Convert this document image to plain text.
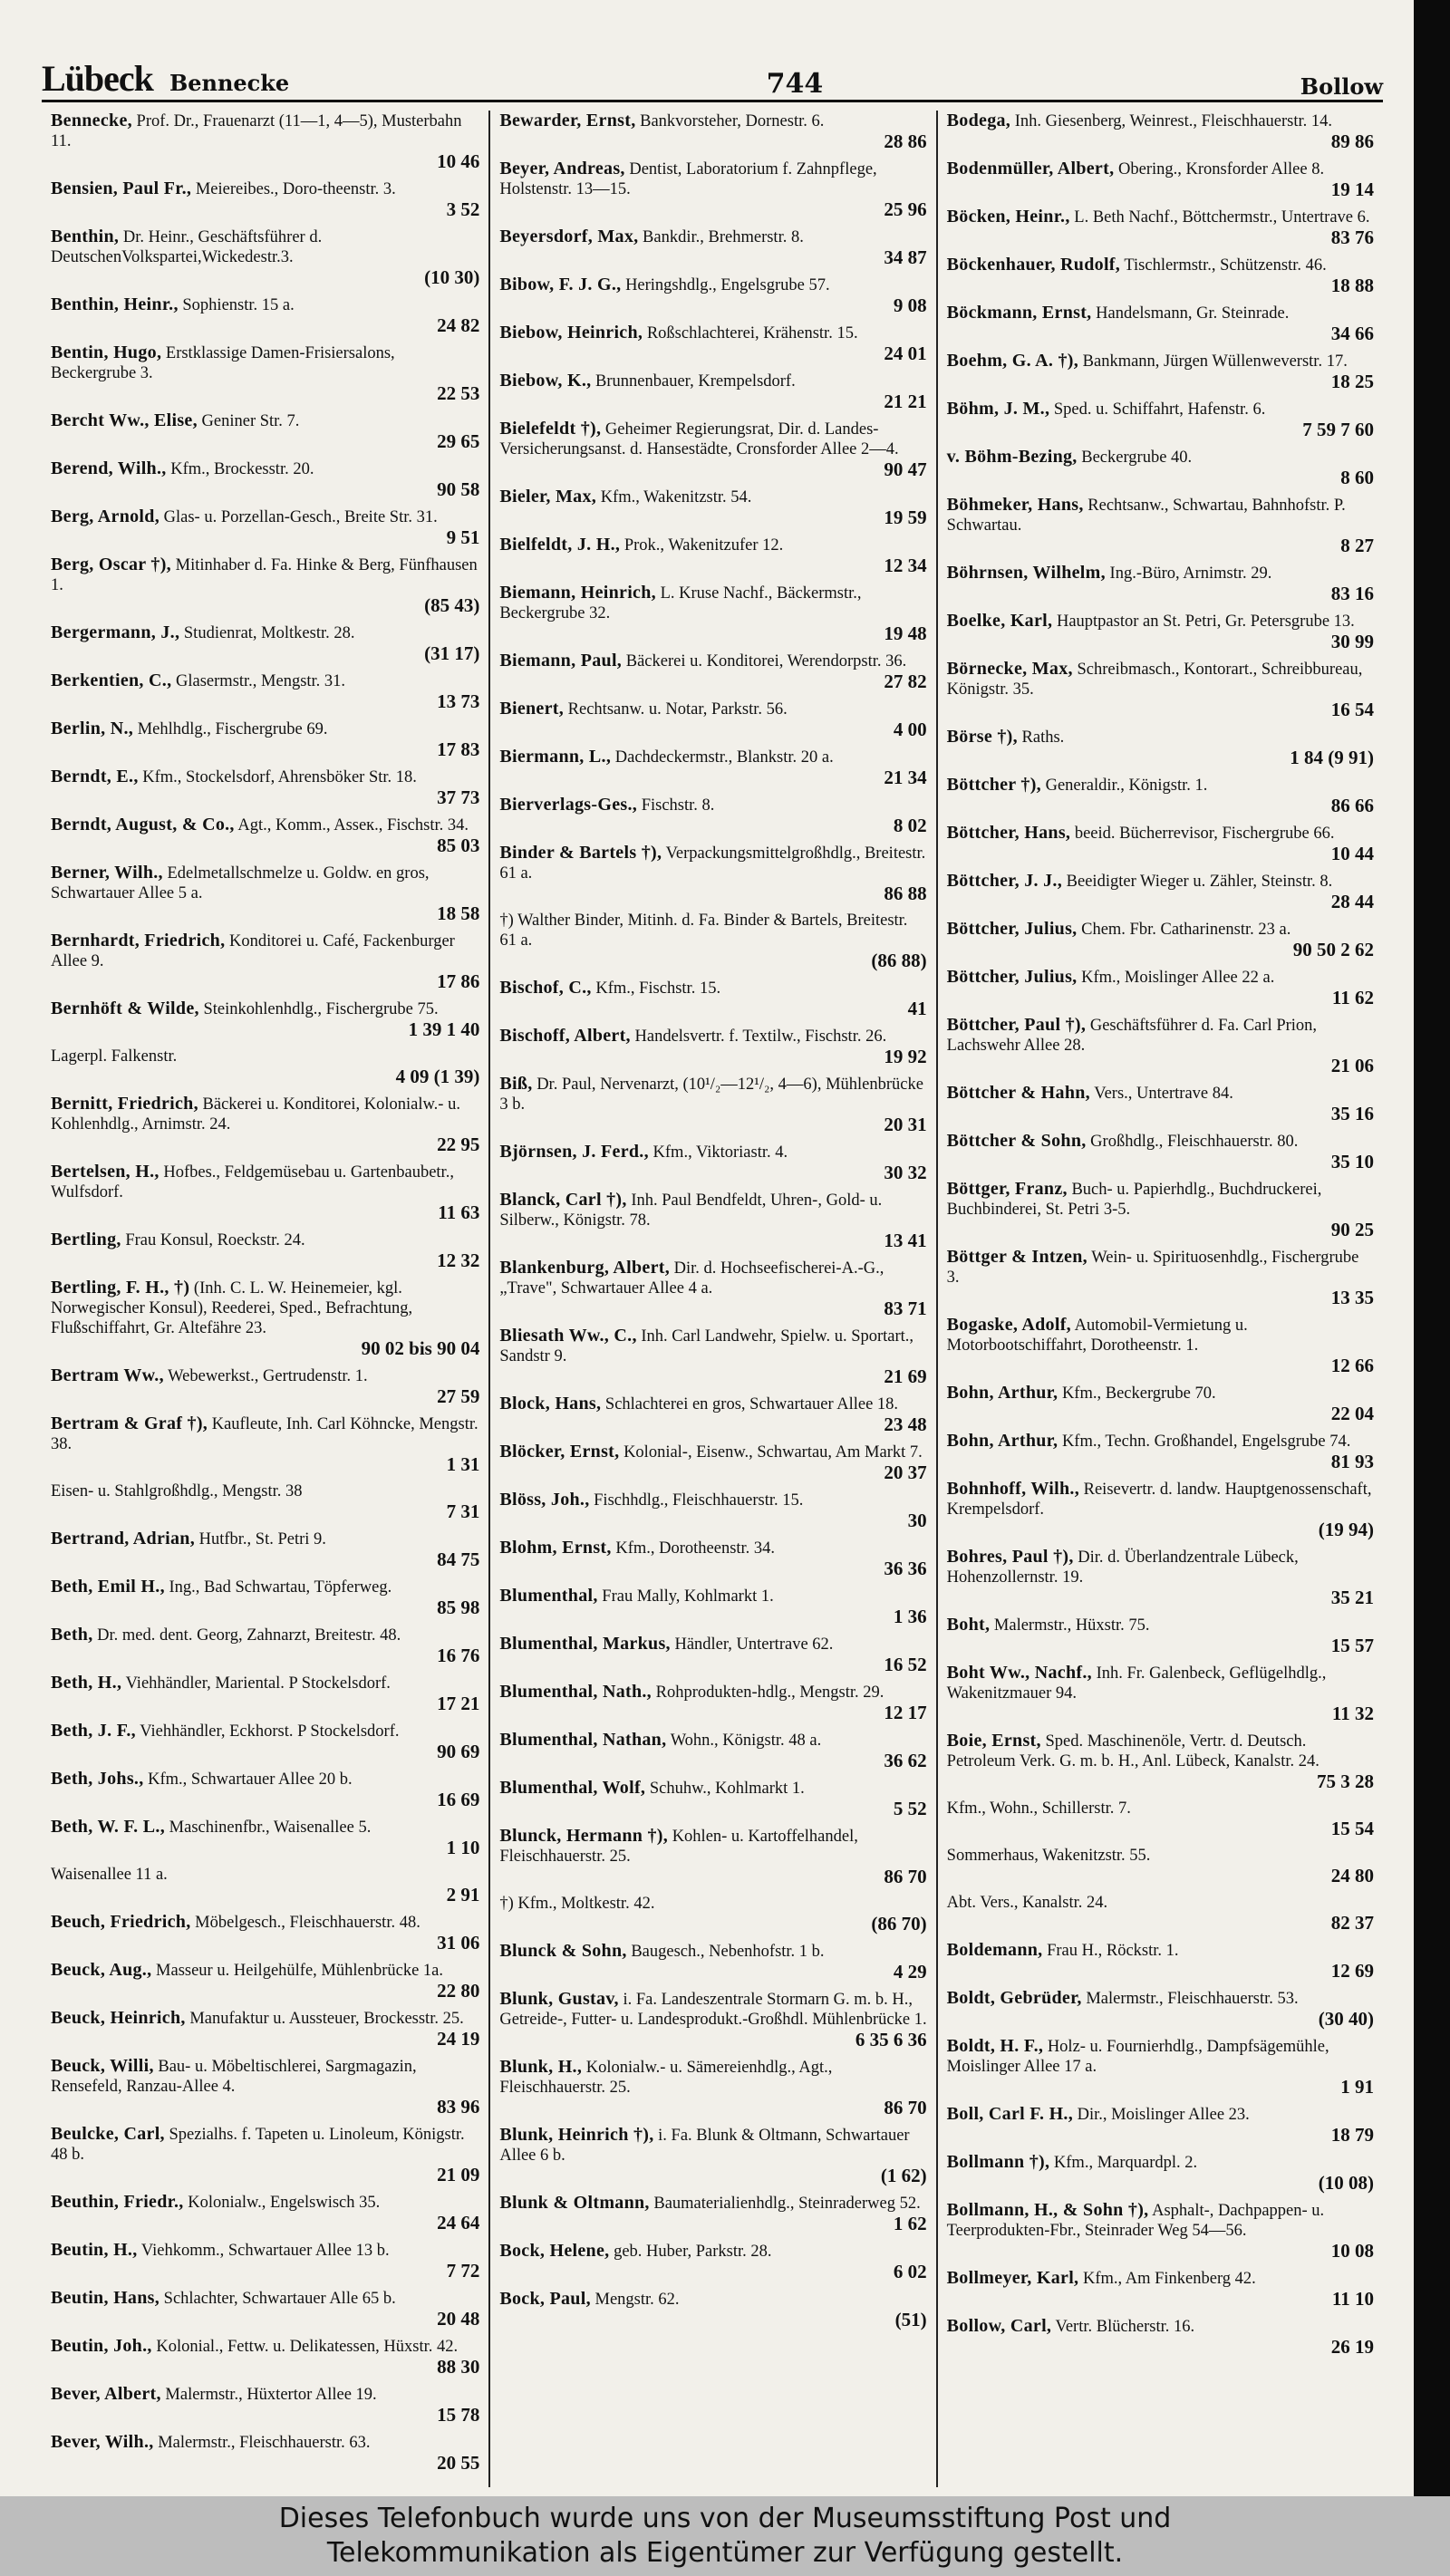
Lübeck Bennecke	744	Bollow
Bennecke, Prof. Dr., Frauenarzt (11—1, 4—5), Musterbahn 11.
10 46
Bensien, Paul Fr., Meiereibes., Doro-theenstr. 3.
3 52
Benthin, Dr. Heinr., Geschäftsführer d. DeutschenVolkspartei,Wickedestr.3.
(10 30)
Benthin, Heinr., Sophienstr. 15 a.
24 82
Bentin, Hugo, Erstklassige Damen-Frisiersalons, Beckergrube 3.
22 53
Bercht Ww., Elise, Geniner Str. 7.
29 65
Berend, Wilh., Kfm., Brockesstr. 20.
90 58
Berg, Arnold, Glas- u. Porzellan-Gesch., Breite Str. 31.
9 51
Berg, Oscar †), Mitinhaber d. Fa. Hinke & Berg, Fünfhausen 1.
(85 43)
Bergermann, J., Studienrat, Moltkestr. 28.
(31 17)
Berkentien, C., Glasermstr., Mengstr. 31.
13 73
Berlin, N., Mehlhdlg., Fischergrube 69.
17 83
Berndt, E., Kfm., Stockelsdorf, Ahrensböker Str. 18.
37 73
Berndt, August, & Co., Agt., Komm., Asseк., Fischstr. 34.
85 03
Berner, Wilh., Edelmetallschmelze u. Goldw. en gros, Schwartauer Allee 5 a.
18 58
Bernhardt, Friedrich, Konditorei u. Café, Fackenburger Allee 9.
17 86
Bernhöft & Wilde, Steinkohlenhdlg., Fischergrube 75.
1 39 1 40
Lagerpl. Falkenstr.
4 09 (1 39)
Bernitt, Friedrich, Bäckerei u. Konditorei, Kolonialw.- u. Kohlenhdlg., Arnimstr. 24.
22 95
Bertelsen, H., Hofbes., Feldgemüsebau u. Gartenbaubetr., Wulfsdorf.
11 63
Bertling, Frau Konsul, Roeckstr. 24.
12 32
Bertling, F. H., †) (Inh. C. L. W. Heinemeier, kgl. Norwegischer Konsul), Reederei, Sped., Befrachtung, Flußschiffahrt, Gr. Altefähre 23.
90 02 bis 90 04
Bertram Ww., Webewerkst., Gertrudenstr. 1.
27 59
Bertram & Graf †), Kaufleute, Inh. Carl Köhncke, Mengstr. 38.
1 31
Eisen- u. Stahlgroßhdlg., Mengstr. 38
7 31
Bertrand, Adrian, Hutfbr., St. Petri 9.
84 75
Beth, Emil H., Ing., Bad Schwartau, Töpferweg.
85 98
Beth, Dr. med. dent. Georg, Zahnarzt, Breitestr. 48.
16 76
Beth, H., Viehhändler, Mariental. P Stockelsdorf.
17 21
Beth, J. F., Viehhändler, Eckhorst. P Stockelsdorf.
90 69
Beth, Johs., Kfm., Schwartauer Allee 20 b.
16 69
Beth, W. F. L., Maschinenfbr., Waisenallee 5.
1 10
Waisenallee 11 a.
2 91
Beuch, Friedrich, Möbelgesch., Fleischhauerstr. 48.
31 06
Beuck, Aug., Masseur u. Heilgehülfe, Mühlenbrücke 1a.
22 80
Beuck, Heinrich, Manufaktur u. Aussteuer, Brockesstr. 25.
24 19
Beuck, Willi, Bau- u. Möbeltischlerei, Sargmagazin, Rensefeld, Ranzau-Allee 4.
83 96
Beulcke, Carl, Spezialhs. f. Tapeten u. Linoleum, Königstr. 48 b.
21 09
Beuthin, Friedr., Kolonialw., Engelswisch 35.
24 64
Beutin, H., Viehkomm., Schwartauer Allee 13 b.
7 72
Beutin, Hans, Schlachter, Schwartauer Alle 65 b.
20 48
Beutin, Joh., Kolonial., Fettw. u. Delikatessen, Hüxstr. 42.
88 30
Bever, Albert, Malermstr., Hüxtertor Allee 19.
15 78
Bever, Wilh., Malermstr., Fleischhauerstr. 63.
20 55
Bewarder, Ernst, Bankvorsteher, Dornestr. 6.
28 86
Beyer, Andreas, Dentist, Laboratorium f. Zahnpflege, Holstenstr. 13—15.
25 96
Beyersdorf, Max, Bankdir., Brehmerstr. 8.
34 87
Bibow, F. J. G., Heringshdlg., Engelsgrube 57.
9 08
Biebow, Heinrich, Roßschlachterei, Krähenstr. 15.
24 01
Biebow, K., Brunnenbauer, Krempelsdorf.
21 21
Bielefeldt †), Geheimer Regierungsrat, Dir. d. Landes-Versicherungsanst. d. Hansestädte, Cronsforder Allee 2—4.
90 47
Bieler, Max, Kfm., Wakenitzstr. 54.
19 59
Bielfeldt, J. H., Prok., Wakenitzufer 12.
12 34
Biemann, Heinrich, L. Kruse Nachf., Bäckermstr., Beckergrube 32.
19 48
Biemann, Paul, Bäckerei u. Konditorei, Werendorpstr. 36.
27 82
Bienert, Rechtsanw. u. Notar, Parkstr. 56.
4 00
Biermann, L., Dachdeckermstr., Blankstr. 20 a.
21 34
Bierverlags-Ges., Fischstr. 8.
8 02
Binder & Bartels †), Verpackungsmittelgroßhdlg., Breitestr. 61 a.
86 88
†) Walther Binder, Mitinh. d. Fa. Binder & Bartels, Breitestr. 61 a.
(86 88)
Bischof, C., Kfm., Fischstr. 15.
41
Bischoff, Albert, Handelsvertr. f. Textilw., Fischstr. 26.
19 92
Biß, Dr. Paul, Nervenarzt, (10¹/₂—12¹/₂, 4—6), Mühlenbrücke 3 b.
20 31
Björnsen, J. Ferd., Kfm., Viktoriastr. 4.
30 32
Blanck, Carl †), Inh. Paul Bendfeldt, Uhren-, Gold- u. Silberw., Königstr. 78.
13 41
Blankenburg, Albert, Dir. d. Hochseefischerei-A.-G., „Trave", Schwartauer Allee 4 a.
83 71
Bliesath Ww., C., Inh. Carl Landwehr, Spielw. u. Sportart., Sandstr 9.
21 69
Block, Hans, Schlachterei en gros, Schwartauer Allee 18.
23 48
Blöcker, Ernst, Kolonial-, Eisenw., Schwartau, Am Markt 7.
20 37
Blöss, Joh., Fischhdlg., Fleischhauerstr. 15.
30
Blohm, Ernst, Kfm., Dorotheenstr. 34.
36 36
Blumenthal, Frau Mally, Kohlmarkt 1.
1 36
Blumenthal, Markus, Händler, Untertrave 62.
16 52
Blumenthal, Nath., Rohprodukten-hdlg., Mengstr. 29.
12 17
Blumenthal, Nathan, Wohn., Königstr. 48 a.
36 62
Blumenthal, Wolf, Schuhw., Kohlmarkt 1.
5 52
Blunck, Hermann †), Kohlen- u. Kartoffelhandel, Fleischhauerstr. 25.
86 70
†) Kfm., Moltkestr. 42.
(86 70)
Blunck & Sohn, Baugesch., Nebenhofstr. 1 b.
4 29
Blunk, Gustav, i. Fa. Landeszentrale Stormarn G. m. b. H., Getreide-, Futter- u. Landesprodukt.-Großhdl. Mühlenbrücke 1.
6 35 6 36
Blunk, H., Kolonialw.- u. Sämereienhdlg., Agt., Fleischhauerstr. 25.
86 70
Blunk, Heinrich †), i. Fa. Blunk & Oltmann, Schwartauer Allee 6 b.
(1 62)
Blunk & Oltmann, Baumaterialienhdlg., Steinraderweg 52.
1 62
Bock, Helene, geb. Huber, Parkstr. 28.
6 02
Bock, Paul, Mengstr. 62.
(51)
Bodega, Inh. Giesenberg, Weinrest., Fleischhauerstr. 14.
89 86
Bodenmüller, Albert, Obering., Kronsforder Allee 8.
19 14
Böcken, Heinr., L. Beth Nachf., Böttchermstr., Untertrave 6.
83 76
Böckenhauer, Rudolf, Tischlermstr., Schützenstr. 46.
18 88
Böckmann, Ernst, Handelsmann, Gr. Steinrade.
34 66
Boehm, G. A. †), Bankmann, Jürgen Wüllenweverstr. 17.
18 25
Böhm, J. M., Sped. u. Schiffahrt, Hafenstr. 6.
7 59 7 60
v. Böhm-Bezing, Beckergrube 40.
8 60
Böhmeker, Hans, Rechtsanw., Schwartau, Bahnhofstr. P. Schwartau.
8 27
Böhrnsen, Wilhelm, Ing.-Büro, Arnimstr. 29.
83 16
Boelke, Karl, Hauptpastor an St. Petri, Gr. Petersgrube 13.
30 99
Börnecke, Max, Schreibmasch., Kontorart., Schreibbureau, Königstr. 35.
16 54
Börse †), Raths.
1 84 (9 91)
Böttcher †), Generaldir., Königstr. 1.
86 66
Böttcher, Hans, beeid. Bücherrevisor, Fischergrube 66.
10 44
Böttcher, J. J., Beeidigter Wieger u. Zähler, Steinstr. 8.
28 44
Böttcher, Julius, Chem. Fbr. Catharinenstr. 23 a.
90 50 2 62
Böttcher, Julius, Kfm., Moislinger Allee 22 a.
11 62
Böttcher, Paul †), Geschäftsführer d. Fa. Carl Prion, Lachswehr Allee 28.
21 06
Böttcher & Hahn, Vers., Untertrave 84.
35 16
Böttcher & Sohn, Großhdlg., Fleischhauerstr. 80.
35 10
Böttger, Franz, Buch- u. Papierhdlg., Buchdruckerei, Buchbinderei, St. Petri 3-5.
90 25
Böttger & Intzen, Wein- u. Spirituosenhdlg., Fischergrube 3.
13 35
Bogaske, Adolf, Automobil-Vermietung u. Motorbootschiffahrt, Dorotheenstr. 1.
12 66
Bohn, Arthur, Kfm., Beckergrube 70.
22 04
Bohn, Arthur, Kfm., Techn. Großhandel, Engelsgrube 74.
81 93
Bohnhoff, Wilh., Reisevertr. d. landw. Hauptgenossenschaft, Krempelsdorf.
(19 94)
Bohres, Paul †), Dir. d. Überlandzentrale Lübeck, Hohenzollernstr. 19.
35 21
Boht, Malermstr., Hüxstr. 75.
15 57
Boht Ww., Nachf., Inh. Fr. Galenbeck, Geflügelhdlg., Wakenitzmauer 94.
11 32
Boie, Ernst, Sped. Maschinenöle, Vertr. d. Deutsch. Petroleum Verk. G. m. b. H., Anl. Lübeck, Kanalstr. 24.
75 3 28
Kfm., Wohn., Schillerstr. 7.
15 54
Sommerhaus, Wakenitzstr. 55.
24 80
Abt. Vers., Kanalstr. 24.
82 37
Boldemann, Frau H., Röckstr. 1.
12 69
Boldt, Gebrüder, Malermstr., Fleischhauerstr. 53.
(30 40)
Boldt, H. F., Holz- u. Fournierhdlg., Dampfsägemühle, Moislinger Allee 17 a.
1 91
Boll, Carl F. H., Dir., Moislinger Allee 23.
18 79
Bollmann †), Kfm., Marquardpl. 2.
(10 08)
Bollmann, H., & Sohn †), Asphalt-, Dachpappen- u. Teerprodukten-Fbr., Steinrader Weg 54—56.
10 08
Bollmeyer, Karl, Kfm., Am Finkenberg 42.
11 10
Bollow, Carl, Vertr. Blücherstr. 16.
26 19
Dieses Telefonbuch wurde uns von der Museumsstiftung Post und
Telekommunikation als Eigentümer zur Verfügung gestellt.
